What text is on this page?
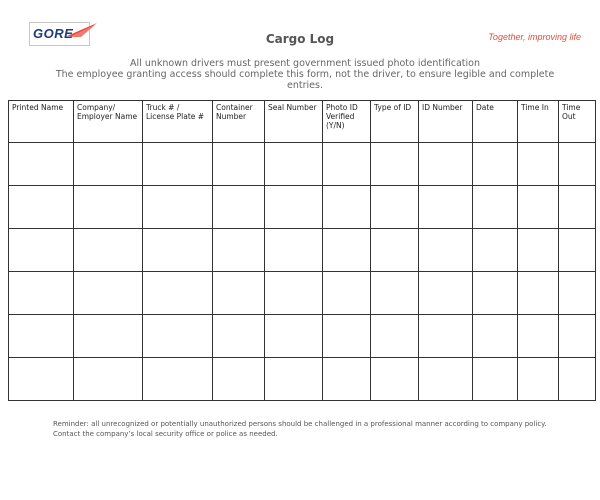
GORE	Cargo Log	Together, improving life
All unknown drivers must present government issued photo identification
The employee granting access should complete this form, not the driver, to ensure legible and complete entries.
Printed Name	Company/ Employer Name	Truck # / License Plate #	Container Number	Seal Number	Photo ID Verified (Y/N)	Type of ID	ID Number	Date	Time In	Time Out

Reminder: all unrecognized or potentially unauthorized persons should be challenged in a professional manner according to company policy. Contact the company’s local security office or police as needed.
